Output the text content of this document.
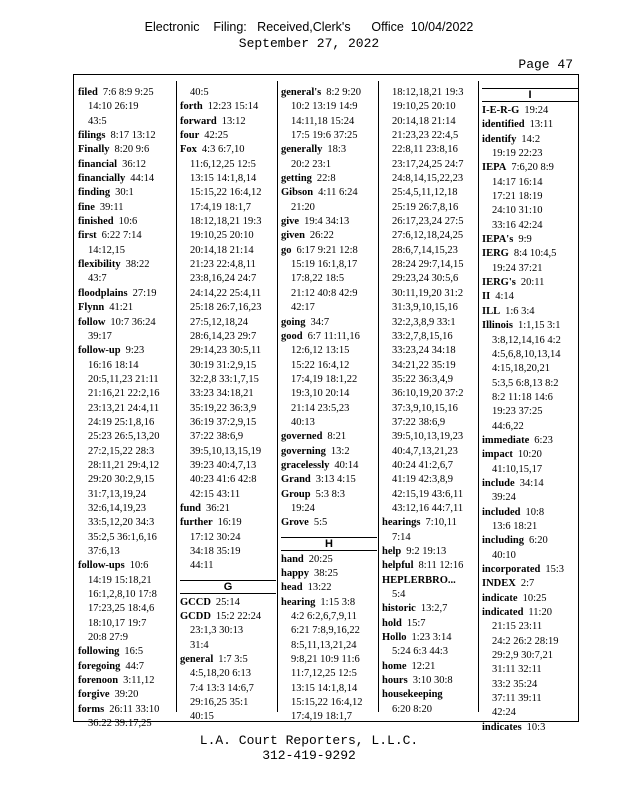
Electronic    Filing:   Received,Clerk's      Office  10/04/2022
September 27, 2022
Page 47
filed 7:6 8:9 9:25
14:10 26:19
43:5
filings 8:17 13:12
Finally 8:20 9:6
financial 36:12
financially 44:14
finding 30:1
fine 39:11
finished 10:6
first 6:22 7:14
14:12,15
flexibility 38:22
43:7
floodplains 27:19
Flynn 41:21
follow 10:7 36:24
39:17
follow-up 9:23
16:16 18:14
20:5,11,23 21:11
21:16,21 22:2,16
23:13,21 24:4,11
24:19 25:1,8,16
25:23 26:5,13,20
27:2,15,22 28:3
28:11,21 29:4,12
29:20 30:2,9,15
31:7,13,19,24
32:6,14,19,23
33:5,12,20 34:3
35:2,5 36:1,6,16
37:6,13
follow-ups 10:6
14:19 15:18,21
16:1,2,8,10 17:8
17:23,25 18:4,6
18:10,17 19:7
20:8 27:9
following 16:5
foregoing 44:7
forenoon 3:11,12
forgive 39:20
forms 26:11 33:10
36:22 39:17,25
40:5
forth 12:23 15:14
forward 13:12
four 42:25
Fox 4:3 6:7,10
11:6,12,25 12:5
13:15 14:1,8,14
15:15,22 16:4,12
17:4,19 18:1,7
18:12,18,21 19:3
19:10,25 20:10
20:14,18 21:14
21:23 22:4,8,11
23:8,16,24 24:7
24:14,22 25:4,11
25:18 26:7,16,23
27:5,12,18,24
28:6,14,23 29:7
29:14,23 30:5,11
30:19 31:2,9,15
32:2,8 33:1,7,15
33:23 34:18,21
35:19,22 36:3,9
36:19 37:2,9,15
37:22 38:6,9
39:5,10,13,15,19
39:23 40:4,7,13
40:23 41:6 42:8
42:15 43:11
fund 36:21
further 16:19
17:12 30:24
34:18 35:19
44:11
G
GCCD 25:14
GCDD 15:2 22:24
23:1,3 30:13
31:4
general 1:7 3:5
4:5,18,20 6:13
7:4 13:3 14:6,7
29:16,25 35:1
40:15
general's 8:2 9:20
10:2 13:19 14:9
14:11,18 15:24
17:5 19:6 37:25
generally 18:3
20:2 23:1
getting 22:8
Gibson 4:11 6:24
21:20
give 19:4 34:13
given 26:22
go 6:17 9:21 12:8
15:19 16:1,8,17
17:8,22 18:5
21:12 40:8 42:9
42:17
going 34:7
good 6:7 11:11,16
12:6,12 13:15
15:22 16:4,12
17:4,19 18:1,22
19:3,10 20:14
21:14 23:5,23
40:13
governed 8:21
governing 13:2
gracelessly 40:14
Grand 3:13 4:15
Group 5:3 8:3
19:24
Grove 5:5
H
hand 20:25
happy 38:25
head 13:22
hearing 1:15 3:8
4:2 6:2,6,7,9,11
6:21 7:8,9,16,22
8:5,11,13,21,24
9:8,21 10:9 11:6
11:7,12,25 12:5
13:15 14:1,8,14
15:15,22 16:4,12
17:4,19 18:1,7
18:12,18,21 19:3
19:10,25 20:10
20:14,18 21:14
21:23,23 22:4,5
22:8,11 23:8,16
23:17,24,25 24:7
24:8,14,15,22,23
25:4,5,11,12,18
25:19 26:7,8,16
26:17,23,24 27:5
27:6,12,18,24,25
28:6,7,14,15,23
28:24 29:7,14,15
29:23,24 30:5,6
30:11,19,20 31:2
31:3,9,10,15,16
32:2,3,8,9 33:1
33:2,7,8,15,16
33:23,24 34:18
34:21,22 35:19
35:22 36:3,4,9
36:10,19,20 37:2
37:3,9,10,15,16
37:22 38:6,9
39:5,10,13,19,23
40:4,7,13,21,23
40:24 41:2,6,7
41:19 42:3,8,9
42:15,19 43:6,11
43:12,16 44:7,11
hearings 7:10,11
7:14
help 9:2 19:13
helpful 8:11 12:16
HEPLERBRO...
5:4
historic 13:2,7
hold 15:7
Hollo 1:23 3:14
5:24 6:3 44:3
home 12:21
hours 3:10 30:8
housekeeping
6:20 8:20
I
I-E-R-G 19:24
identified 13:11
identify 14:2
19:19 22:23
IEPA 7:6,20 8:9
14:17 16:14
17:21 18:19
24:10 31:10
33:16 42:24
IEPA's 9:9
IERG 8:4 10:4,5
19:24 37:21
IERG's 20:11
II 4:14
ILL 1:6 3:4
Illinois 1:1,15 3:1
3:8,12,14,16 4:2
4:5,6,8,10,13,14
4:15,18,20,21
5:3,5 6:8,13 8:2
8:2 11:18 14:6
19:23 37:25
44:6,22
immediate 6:23
impact 10:20
41:10,15,17
include 34:14
39:24
included 10:8
13:6 18:21
including 6:20
40:10
incorporated 15:3
INDEX 2:7
indicate 10:25
indicated 11:20
21:15 23:11
24:2 26:2 28:19
29:2,9 30:7,21
31:11 32:11
33:2 35:24
37:11 39:11
42:24
indicates 10:3
L.A. Court Reporters, L.L.C.
312-419-9292
